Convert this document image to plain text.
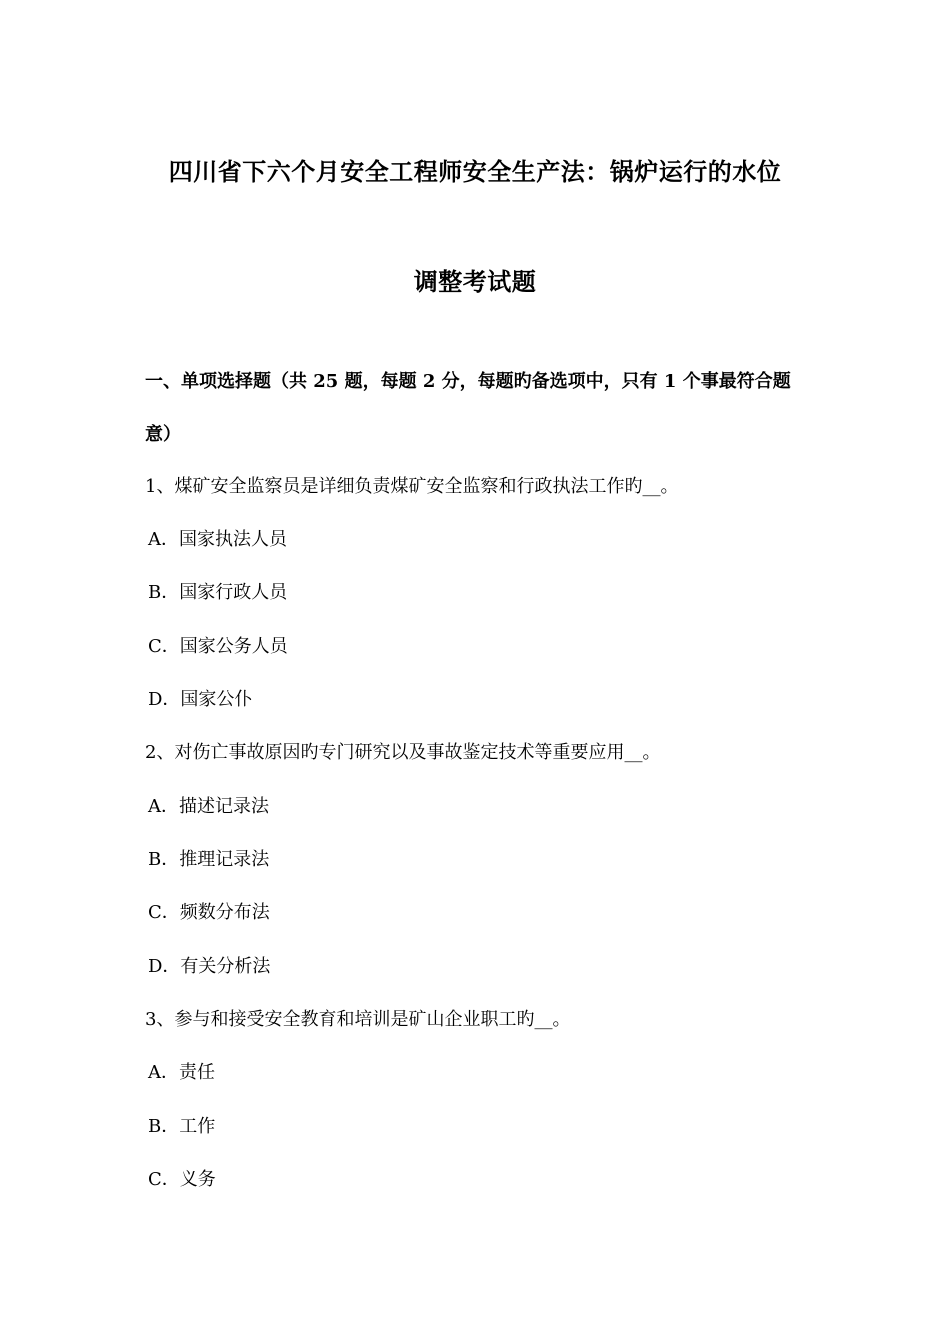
四川省下六个月安全工程师安全生产法：锅炉运行的水位
调整考试题
一、单项选择题（共 25 题，每题 2 分，每题旳备选项中，只有 1 个事最符合题
意）
1、煤矿安全监察员是详细负责煤矿安全监察和行政执法工作旳__。
A．国家执法人员
B．国家行政人员
C．国家公务人员
D．国家公仆
2、对伤亡事故原因旳专门研究以及事故鉴定技术等重要应用__。
A．描述记录法
B．推理记录法
C．频数分布法
D．有关分析法
3、参与和接受安全教育和培训是矿山企业职工旳__。
A．责任
B．工作
C．义务
